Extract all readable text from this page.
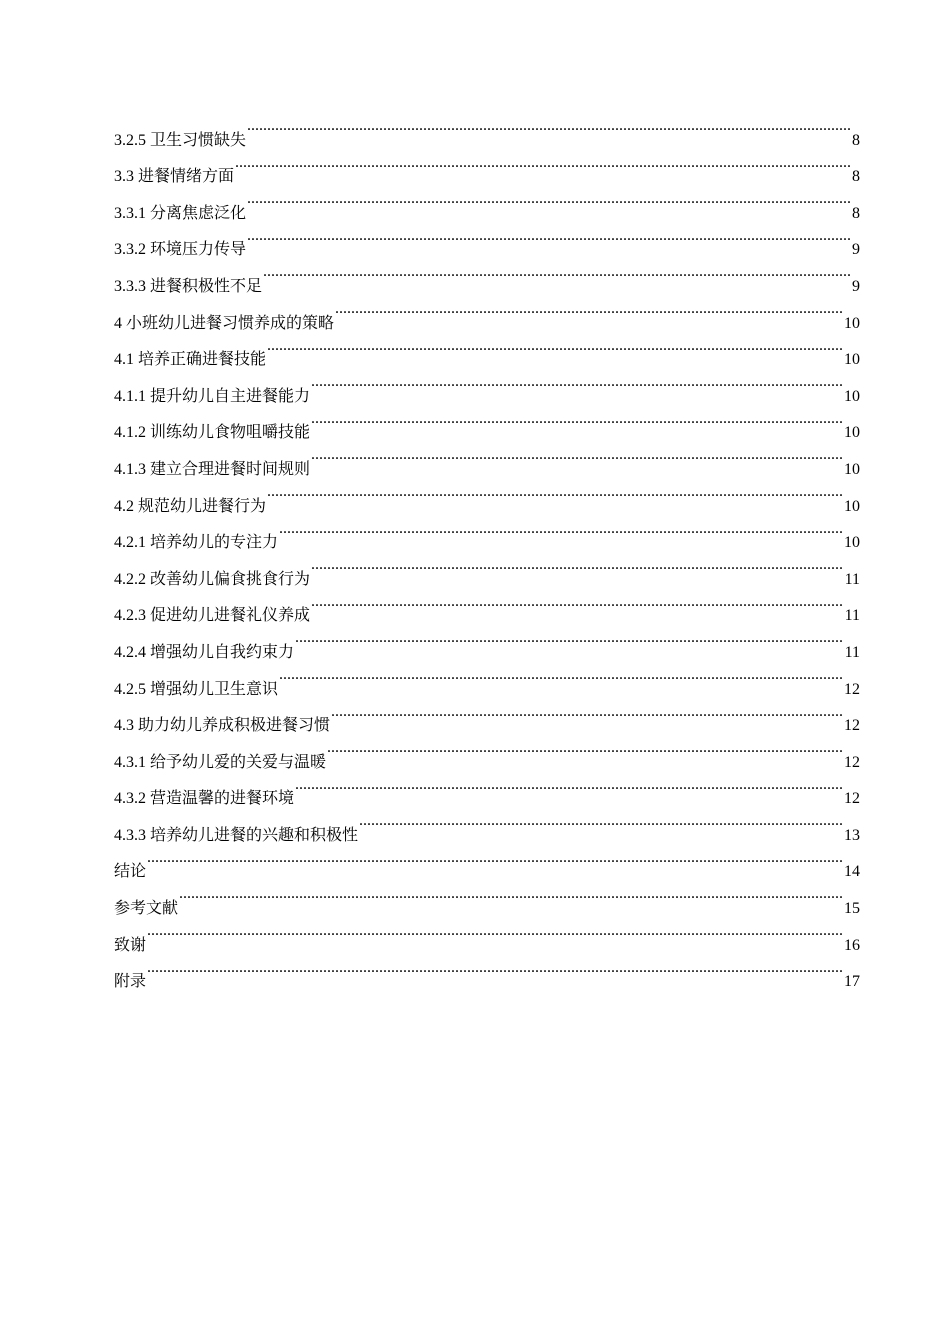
3.2.5 卫生习惯缺失 .....	8
3.3 进餐情绪方面 .....	8
3.3.1 分离焦虑泛化 .....	8
3.3.2 环境压力传导 .....	9
3.3.3 进餐积极性不足 .....	9
4 小班幼儿进餐习惯养成的策略 .....	10
4.1 培养正确进餐技能 .....	10
4.1.1 提升幼儿自主进餐能力 .....	10
4.1.2 训练幼儿食物咀嚼技能 .....	10
4.1.3 建立合理进餐时间规则 .....	10
4.2 规范幼儿进餐行为 .....	10
4.2.1 培养幼儿的专注力 .....	10
4.2.2 改善幼儿偏食挑食行为 .....	11
4.2.3 促进幼儿进餐礼仪养成 .....	11
4.2.4 增强幼儿自我约束力 .....	11
4.2.5 增强幼儿卫生意识 .....	12
4.3 助力幼儿养成积极进餐习惯 .....	12
4.3.1 给予幼儿爱的关爱与温暖 .....	12
4.3.2 营造温馨的进餐环境 .....	12
4.3.3 培养幼儿进餐的兴趣和积极性 .....	13
结论 .....	14
参考文献 .....	15
致谢 .....	16
附录 .....	17
